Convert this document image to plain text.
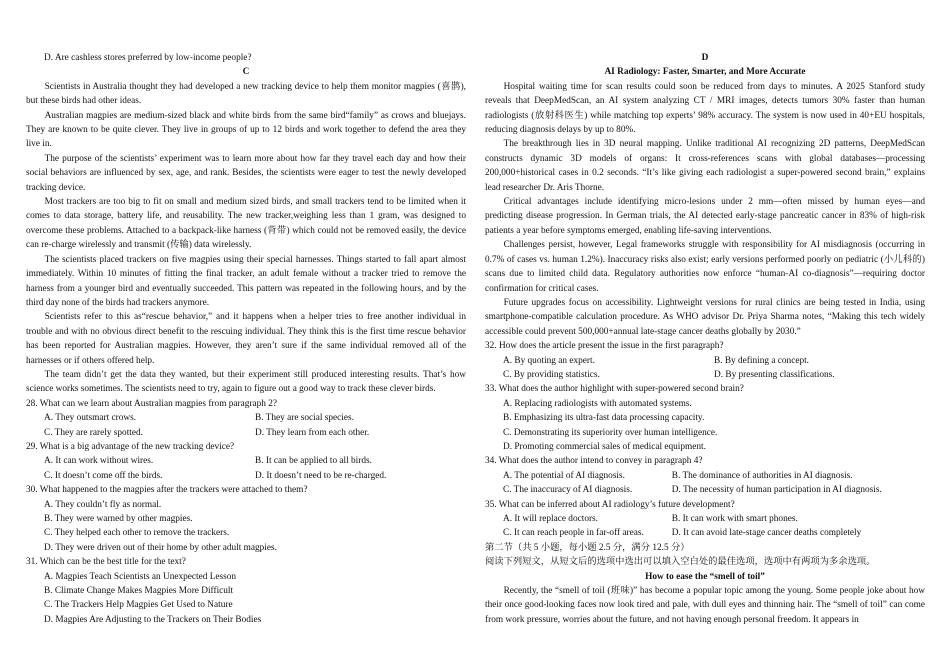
D. Are cashless stores preferred by low-income people?

C

Scientists in Australia thought they had developed a new tracking device to help them monitor magpies (喜鹊), but these birds had other ideas.

Australian magpies are medium-sized black and white birds from the same bird“family” as crows and bluejays. They are known to be quite clever. They live in groups of up to 12 birds and work together to defend the area they live in.

The purpose of the scientists’ experiment was to learn more about how far they travel each day and how their social behaviors are influenced by sex, age, and rank. Besides, the scientists were eager to test the newly developed tracking device.

Most trackers are too big to fit on small and medium sized birds, and small trackers tend to be limited when it comes to data storage, battery life, and reusability. The new tracker,weighing less than 1 gram, was designed to overcome these problems. Attached to a backpack-like harness (背带) which could not be removed easily, the device can re-charge wirelessly and transmit (传输) data wirelessly.

The scientists placed trackers on five magpies using their special harnesses. Things started to fall apart almost immediately. Within 10 minutes of fitting the final tracker, an adult female without a tracker tried to remove the harness from a younger bird and eventually succeeded. This pattern was repeated in the following hours, and by the third day none of the birds had trackers anymore.

Scientists refer to this as“rescue behavior,” and it happens when a helper tries to free another individual in trouble and with no obvious direct benefit to the rescuing individual. They think this is the first time rescue behavior has been reported for Australian magpies. However, they aren’t sure if the same individual removed all of the harnesses or if others offered help.

The team didn’t get the data they wanted, but their experiment still produced interesting results. That’s how science works sometimes. The scientists need to try, again to figure out a good way to track these clever birds.

28. What can we learn about Australian magpies from paragraph 2?

A. They outsmart crows.	B. They are social species.
C. They are rarely spotted.	D. They learn from each other.

29. What is a big advantage of the new tracking device?

A. It can work without wires.	B. It can be applied to all birds.
C. It doesn’t come off the birds.	D. It doesn’t need to be re-charged.

30. What happened to the magpies after the trackers were attached to them?

A. They couldn’t fly as normal.
B. They were warned by other magpies.
C. They helped each other to remove the trackers.
D. They were driven out of their home by other adult magpies.

31. Which can be the best title for the text?

A. Magpies Teach Scientists an Unexpected Lesson
B. Climate Change Makes Magpies More Difficult
C. The Trackers Help Magpies Get Used to Nature
D. Magpies Are Adjusting to the Trackers on Their Bodies

D

AI Radiology: Faster, Smarter, and More Accurate

Hospital waiting time for scan results could soon be reduced from days to minutes. A 2025 Stanford study reveals that DeepMedScan, an AI system analyzing CT / MRI images, detects tumors 30% faster than human radiologists (放射科医生) while matching top experts’ 98% accuracy. The system is now used in 40+EU hospitals, reducing diagnosis delays by up to 80%.

The breakthrough lies in 3D neural mapping. Unlike traditional AI recognizing 2D patterns, DeepMedScan constructs dynamic 3D models of organs: It cross-references scans with global databases—processing 200,000+historical cases in 0.2 seconds. “It’s like giving each radiologist a super-powered second brain,” explains lead researcher Dr. Aris Thorne.

Critical advantages include identifying micro-lesions under 2 mm—often missed by human eyes—and predicting disease progression. In German trials, the AI detected early-stage pancreatic cancer in 83% of high-risk patients a year before symptoms emerged, enabling life-saving interventions.

Challenges persist, however, Legal frameworks struggle with responsibility for AI misdiagnosis (occurring in 0.7% of cases vs. human 1.2%). Inaccuracy risks also exist; early versions performed poorly on pediatric (小儿科的) scans due to limited child data. Regulatory authorities now enforce “human-AI co-diagnosis”—requiring doctor confirmation for critical cases.

Future upgrades focus on accessibility. Lightweight versions for rural clinics are being tested in India, using smartphone-compatible calculation procedure. As WHO advisor Dr. Priya Sharma notes, “Making this tech widely accessible could prevent 500,000+annual late-stage cancer deaths globally by 2030.”

32. How does the article present the issue in the first paragraph?

A. By quoting an expert.	B. By defining a concept.
C. By providing statistics.	D. By presenting classifications.

33. What does the author highlight with super-powered second brain?

A. Replacing radiologists with automated systems.
B. Emphasizing its ultra-fast data processing capacity.
C. Demonstrating its superiority over human intelligence.
D. Promoting commercial sales of medical equipment.

34. What does the author intend to convey in paragraph 4?

A. The potential of AI diagnosis.	B. The dominance of authorities in AI diagnosis.
C. The inaccuracy of AI diagnosis.	D. The necessity of human participation in AI diagnosis.

35. What can be inferred about AI radiology’s future development?

A. It will replace doctors.	B. It can work with smart phones.
C. It can reach people in far-off areas.	D. It can avoid late-stage cancer deaths completely

第二节（共 5 小题，每小题 2.5 分，满分 12.5 分）

阅读下列短文，从短文后的选项中选出可以填入空白处的最佳选项，选项中有两项为多余选项。

How to ease the “smell of toil”

Recently, the “smell of toil (班味)” has become a popular topic among the young. Some people joke about how their once good-looking faces now look tired and pale, with dull eyes and thinning hair. The “smell of toil” can come from work pressure, worries about the future, and not having enough personal freedom. It appears in
